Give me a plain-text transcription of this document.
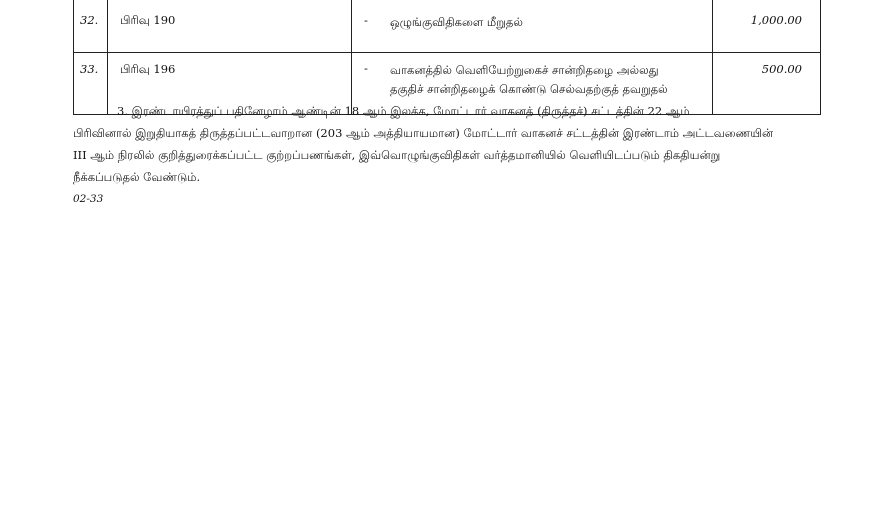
32.	பிரிவு 190	- ஒழுங்குவிதிகளை மீறுதல்	1,000.00
33.	பிரிவு 196	- வாகனத்தில் வெளியேற்றுகைச் சான்றிதழை அல்லது
தகுதிச் சான்றிதழைக் கொண்டு செல்வதற்குத் தவறுதல்	500.00
3. இரண்டாயிரத்துப் பதினேழாம் ஆண்டின் 18 ஆம் இலக்க, மோட்டார் வாகனத் (திருத்தச்) சட்டத்தின் 22 ஆம்
பிரிவினால் இறுதியாகத் திருத்தப்பட்டவாறான (203 ஆம் அத்தியாயமான) மோட்டார் வாகனச் சட்டத்தின் இரண்டாம் அட்டவணையின்
III ஆம் நிரலில் குறித்துரைக்கப்பட்ட குற்றப்பணங்கள், இவ்வொழுங்குவிதிகள் வர்த்தமானியில் வெளியிடப்படும் திகதியன்று
நீக்கப்படுதல் வேண்டும்.
02-33
